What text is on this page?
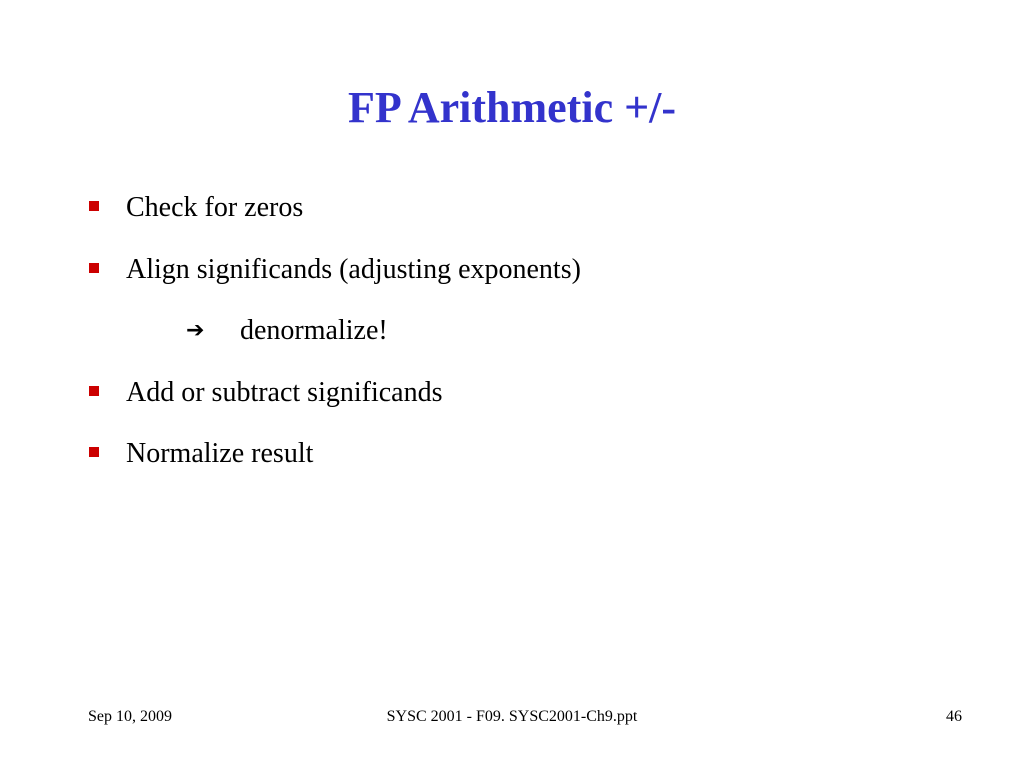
FP Arithmetic +/-
Check for zeros
Align significands (adjusting exponents)
➔ denormalize!
Add or subtract significands
Normalize result
Sep 10, 2009	SYSC 2001 - F09. SYSC2001-Ch9.ppt	46
